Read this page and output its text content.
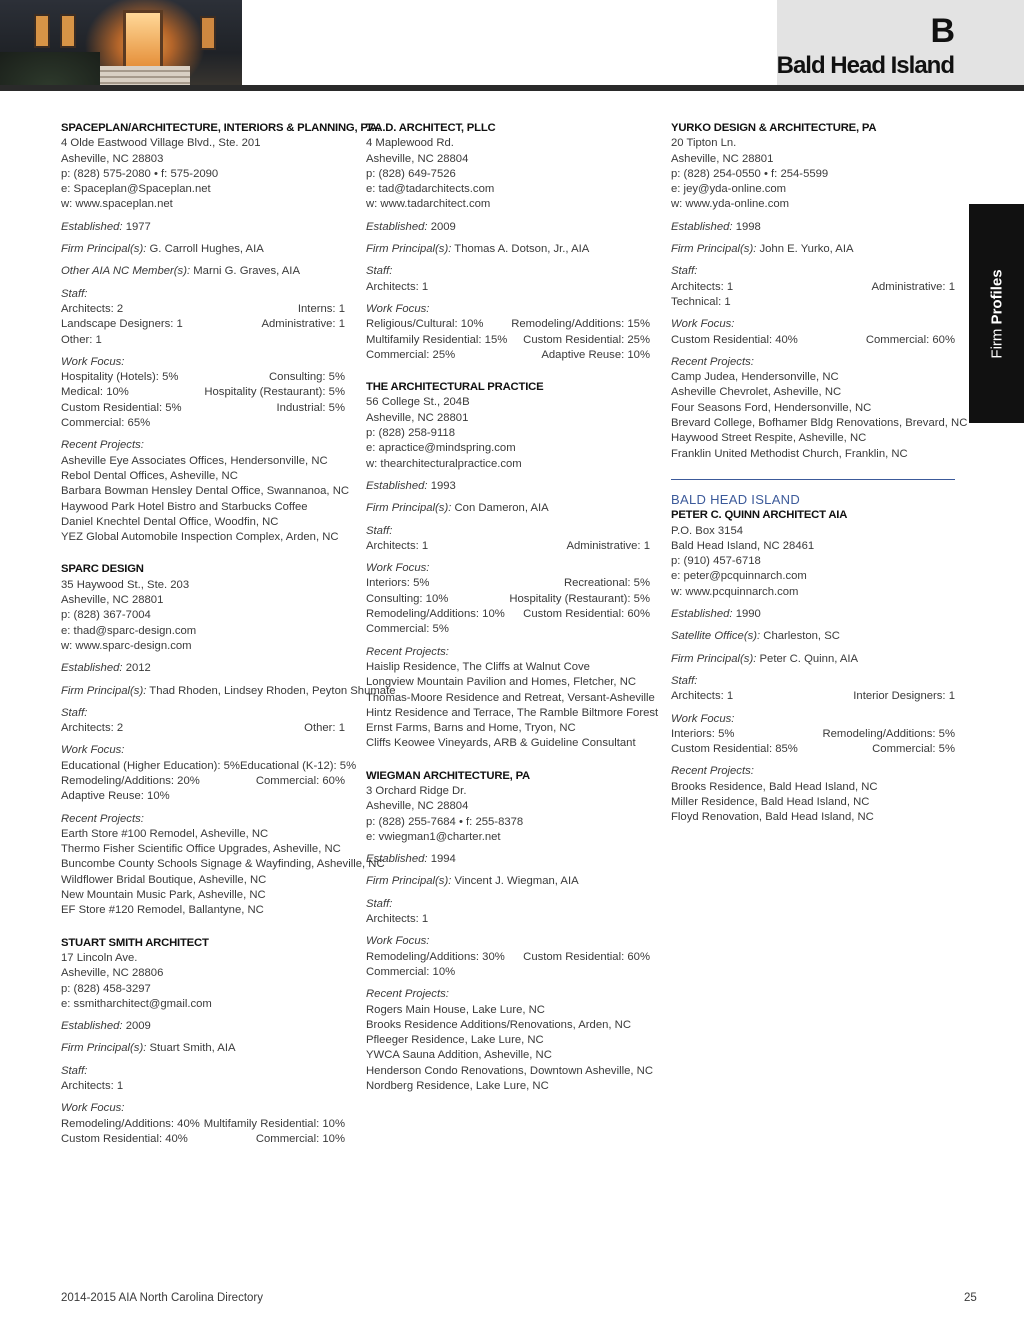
B
Bald Head Island
Firm Profiles
SPACEPLAN/ARCHITECTURE, INTERIORS & PLANNING, P.A.
4 Olde Eastwood Village Blvd., Ste. 201
Asheville, NC 28803
p: (828) 575-2080 • f: 575-2090
e: Spaceplan@Spaceplan.net
w: www.spaceplan.net
Established: 1977
Firm Principal(s): G. Carroll Hughes, AIA
Other AIA NC Member(s): Marni G. Graves, AIA
Staff:
Architects: 2	Interns: 1
Landscape Designers: 1	Administrative: 1
Other: 1
Work Focus:
Hospitality (Hotels): 5%	Consulting: 5%
Medical: 10%	Hospitality (Restaurant): 5%
Custom Residential: 5%	Industrial: 5%
Commercial: 65%
Recent Projects:
Asheville Eye Associates Offices, Hendersonville, NC
Rebol Dental Offices, Asheville, NC
Barbara Bowman Hensley Dental Office, Swannanoa, NC
Haywood Park Hotel Bistro and Starbucks Coffee
Daniel Knechtel Dental Office, Woodfin, NC
YEZ Global Automobile Inspection Complex, Arden, NC
SPARC DESIGN
35 Haywood St., Ste. 203
Asheville, NC 28801
p: (828) 367-7004
e: thad@sparc-design.com
w: www.sparc-design.com
Established: 2012
Firm Principal(s): Thad Rhoden, Lindsey Rhoden, Peyton Shumate
Staff:
Architects: 2	Other: 1
Work Focus:
Educational (Higher Education): 5% Educational (K-12): 5%
Remodeling/Additions: 20%	Commercial: 60%
Adaptive Reuse: 10%
Recent Projects:
Earth Store #100 Remodel, Asheville, NC
Thermo Fisher Scientific Office Upgrades, Asheville, NC
Buncombe County Schools Signage & Wayfinding, Asheville, NC
Wildflower Bridal Boutique, Asheville, NC
New Mountain Music Park, Asheville, NC
EF Store #120 Remodel, Ballantyne, NC
STUART SMITH ARCHITECT
17 Lincoln Ave.
Asheville, NC 28806
p: (828) 458-3297
e: ssmitharchitect@gmail.com
Established: 2009
Firm Principal(s): Stuart Smith, AIA
Staff:
Architects: 1
Work Focus:
Remodeling/Additions: 40% Multifamily Residential: 10%
Custom Residential: 40%	Commercial: 10%
T.A.D. ARCHITECT, PLLC
4 Maplewood Rd.
Asheville, NC 28804
p: (828) 649-7526
e: tad@tadarchitects.com
w: www.tadarchitect.com
Established: 2009
Firm Principal(s): Thomas A. Dotson, Jr., AIA
Staff:
Architects: 1
Work Focus:
Religious/Cultural: 10% Remodeling/Additions: 15%
Multifamily Residential: 15% Custom Residential: 25%
Commercial: 25%	Adaptive Reuse: 10%
THE ARCHITECTURAL PRACTICE
56 College St., 204B
Asheville, NC 28801
p: (828) 258-9118
e: apractice@mindspring.com
w: thearchitecturalpractice.com
Established: 1993
Firm Principal(s): Con Dameron, AIA
Staff:
Architects: 1	Administrative: 1
Work Focus:
Interiors: 5%	Recreational: 5%
Consulting: 10%	Hospitality (Restaurant): 5%
Remodeling/Additions: 10% Custom Residential: 60%
Commercial: 5%
Recent Projects:
Haislip Residence, The Cliffs at Walnut Cove
Longview Mountain Pavilion and Homes, Fletcher, NC
Thomas-Moore Residence and Retreat, Versant-Asheville
Hintz Residence and Terrace, The Ramble Biltmore Forest
Ernst Farms, Barns and Home, Tryon, NC
Cliffs Keowee Vineyards, ARB & Guideline Consultant
WIEGMAN ARCHITECTURE, PA
3 Orchard Ridge Dr.
Asheville, NC 28804
p: (828) 255-7684 • f: 255-8378
e: vwiegman1@charter.net
Established: 1994
Firm Principal(s): Vincent J. Wiegman, AIA
Staff:
Architects: 1
Work Focus:
Remodeling/Additions: 30% Custom Residential: 60%
Commercial: 10%
Recent Projects:
Rogers Main House, Lake Lure, NC
Brooks Residence Additions/Renovations, Arden, NC
Pfleeger Residence, Lake Lure, NC
YWCA Sauna Addition, Asheville, NC
Henderson Condo Renovations, Downtown Asheville, NC
Nordberg Residence, Lake Lure, NC
YURKO DESIGN & ARCHITECTURE, PA
20 Tipton Ln.
Asheville, NC 28801
p: (828) 254-0550 • f: 254-5599
e: jey@yda-online.com
w: www.yda-online.com
Established: 1998
Firm Principal(s): John E. Yurko, AIA
Staff:
Architects: 1	Administrative: 1
Technical: 1
Work Focus:
Custom Residential: 40%	Commercial: 60%
Recent Projects:
Camp Judea, Hendersonville, NC
Asheville Chevrolet, Asheville, NC
Four Seasons Ford, Hendersonville, NC
Brevard College, Bofhamer Bldg Renovations, Brevard, NC
Haywood Street Respite, Asheville, NC
Franklin United Methodist Church, Franklin, NC
BALD HEAD ISLAND
PETER C. QUINN ARCHITECT AIA
P.O. Box 3154
Bald Head Island, NC 28461
p: (910) 457-6718
e: peter@pcquinnarch.com
w: www.pcquinnarch.com
Established: 1990
Satellite Office(s): Charleston, SC
Firm Principal(s): Peter C. Quinn, AIA
Staff:
Architects: 1	Interior Designers: 1
Work Focus:
Interiors: 5%	Remodeling/Additions: 5%
Custom Residential: 85%	Commercial: 5%
Recent Projects:
Brooks Residence, Bald Head Island, NC
Miller Residence, Bald Head Island, NC
Floyd Renovation, Bald Head Island, NC
2014-2015 AIA North Carolina Directory	25
